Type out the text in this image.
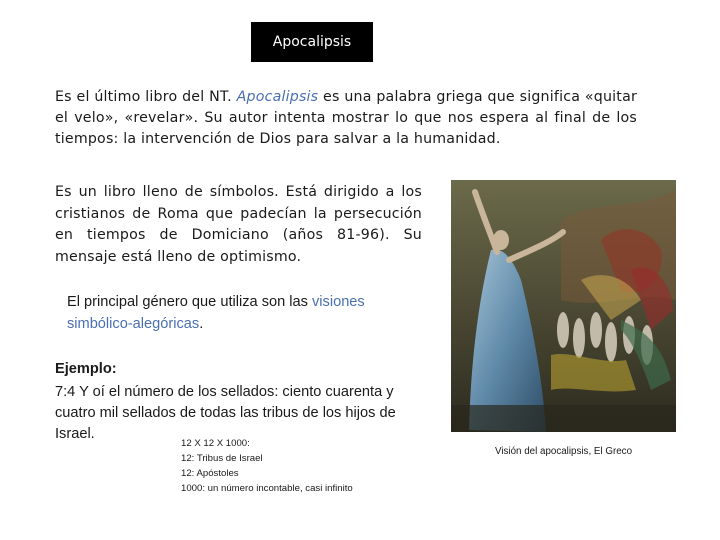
Apocalipsis

Es el último libro del NT. Apocalipsis es una palabra griega que significa «quitar el velo», «revelar». Su autor intenta mostrar lo que nos espera al final de los tiempos: la intervención de Dios para salvar a la humanidad.

Es un libro lleno de símbolos. Está dirigido a los cristianos de Roma que padecían la persecución en tiempos de Domiciano (años 81-96). Su mensaje está lleno de optimismo.

El principal género que utiliza son las visiones simbólico-alegóricas.

Ejemplo:
7:4 Y oí el número de los sellados: ciento cuarenta y cuatro mil sellados de todas las tribus de los hijos de Israel.
12 X 12 X 1000:
12: Tribus de Israel
12: Apóstoles
1000: un número incontable, casi infinito
Visión del apocalipsis, El Greco
